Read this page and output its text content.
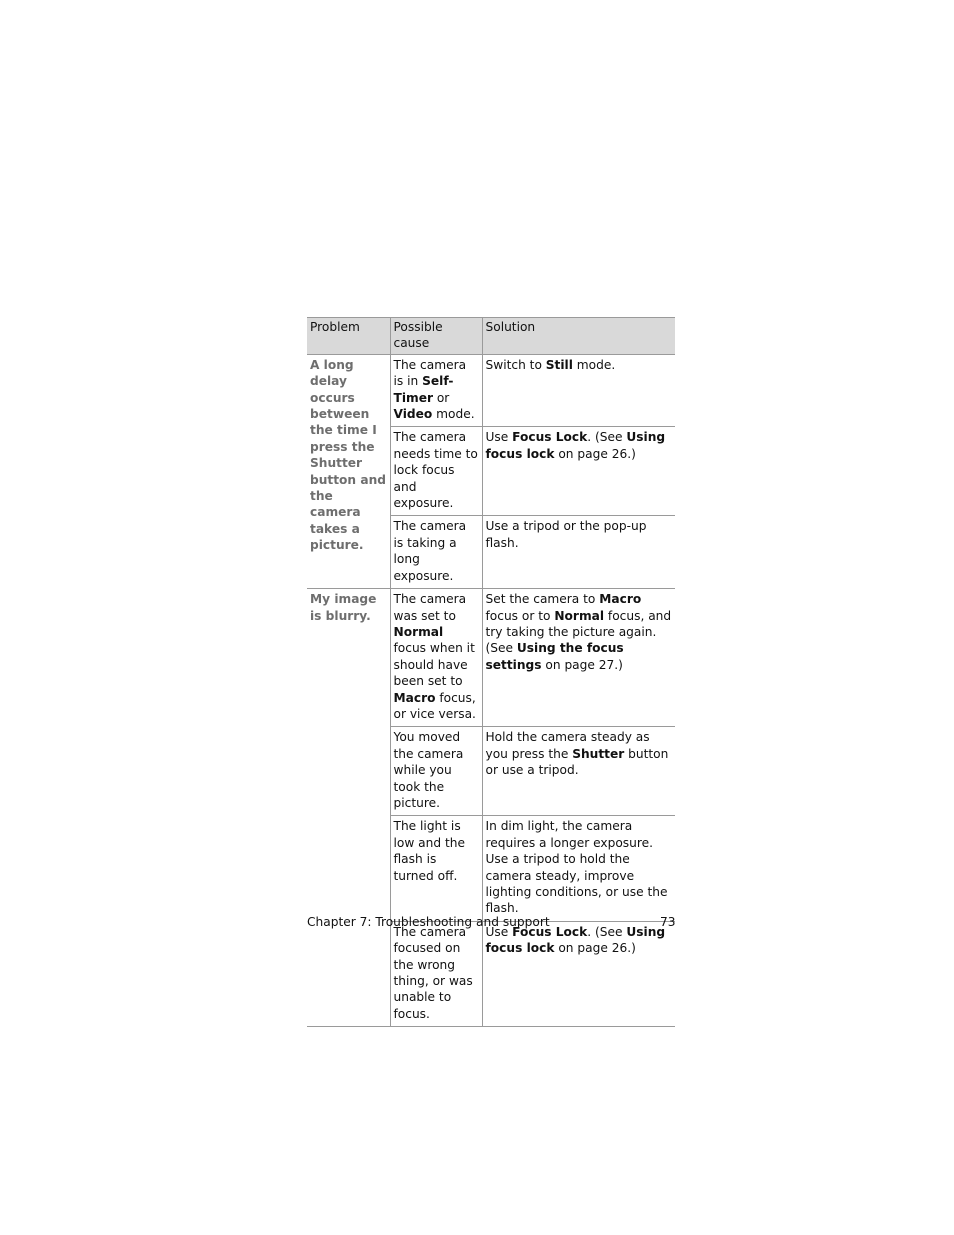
Problem	Possible cause	Solution
A long delay occurs between the time I press the Shutter button and the camera takes a picture.	The camera is in Self-Timer or Video mode.	Switch to Still mode.
	The camera needs time to lock focus and exposure.	Use Focus Lock. (See Using focus lock on page 26.)
	The camera is taking a long exposure.	Use a tripod or the pop-up flash.
My image is blurry.	The camera was set to Normal focus when it should have been set to Macro focus, or vice versa.	Set the camera to Macro focus or to Normal focus, and try taking the picture again. (See Using the focus settings on page 27.)
	You moved the camera while you took the picture.	Hold the camera steady as you press the Shutter button or use a tripod.
	The light is low and the flash is turned off.	In dim light, the camera requires a longer exposure. Use a tripod to hold the camera steady, improve lighting conditions, or use the flash.
	The camera focused on the wrong thing, or was unable to focus.	Use Focus Lock. (See Using focus lock on page 26.)
Chapter 7: Troubleshooting and support	73
